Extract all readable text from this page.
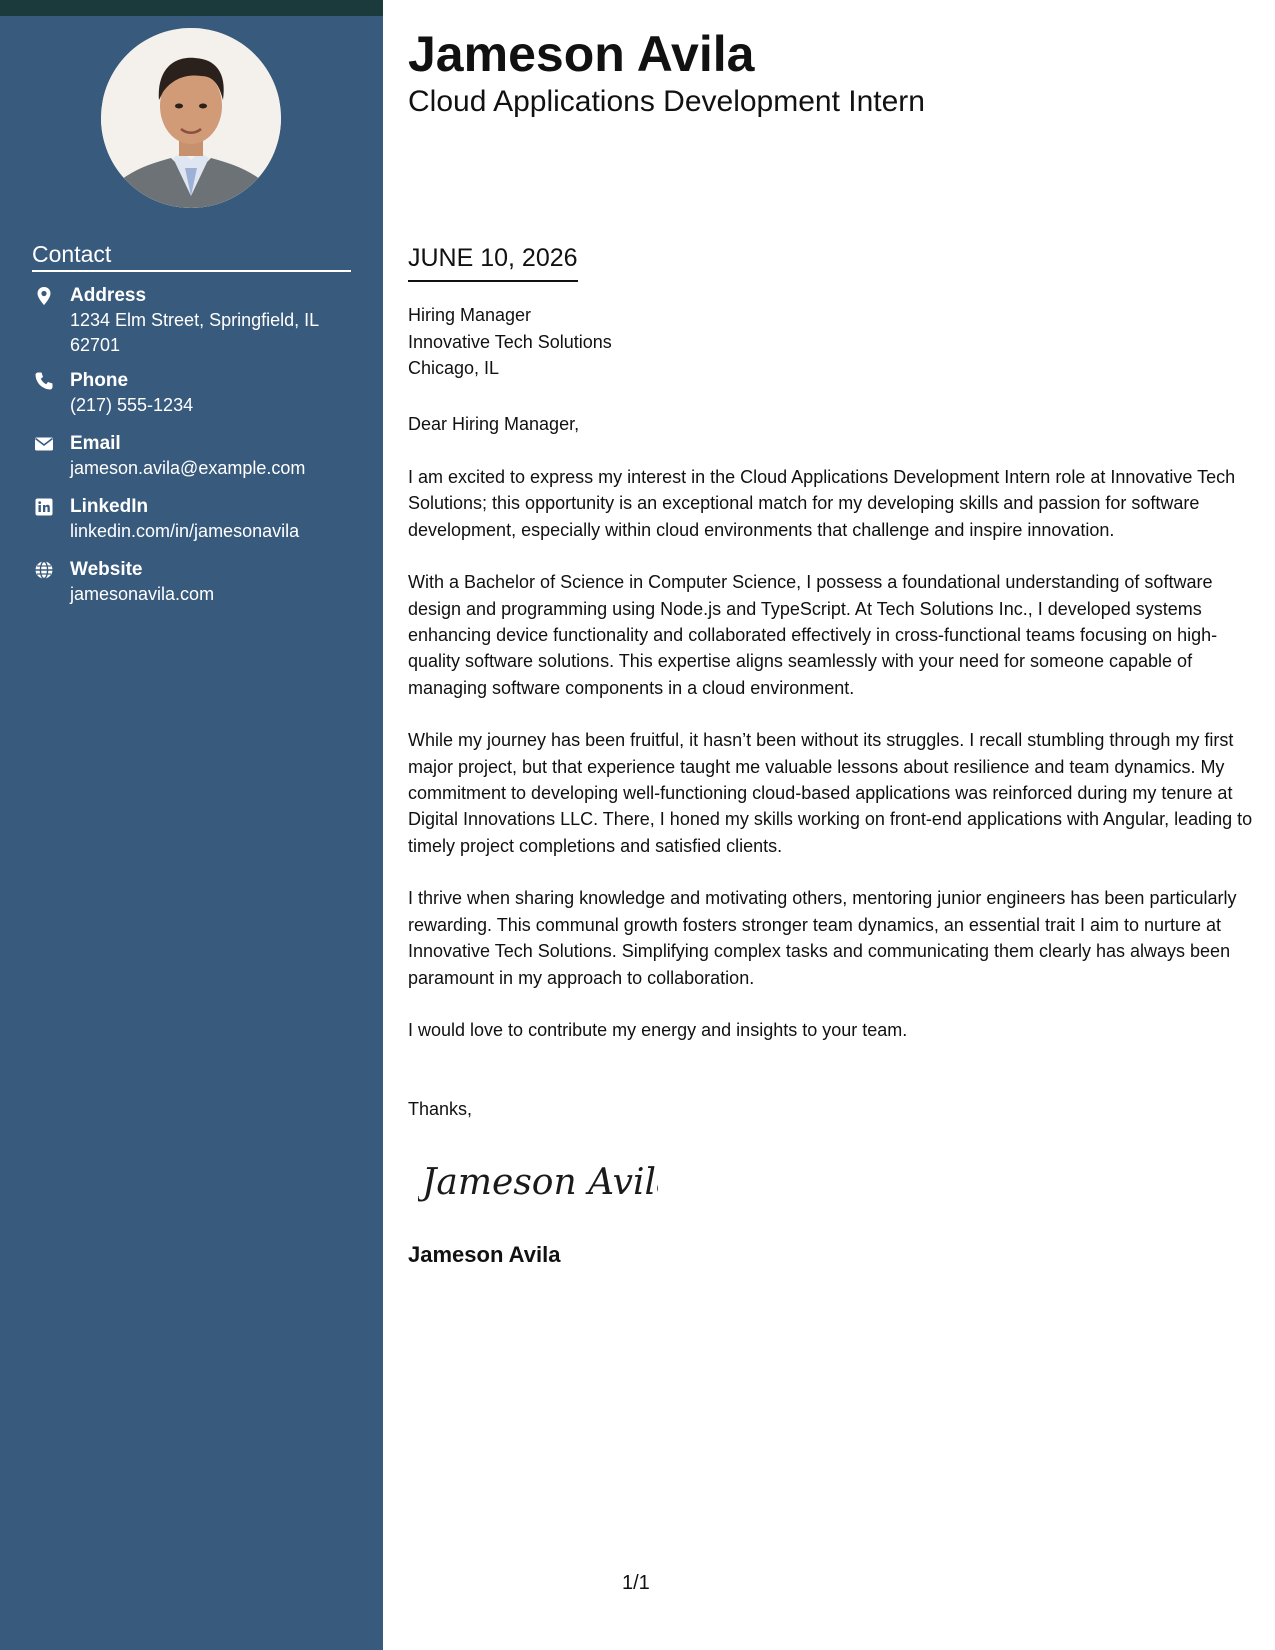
Contact
Address
1234 Elm Street, Springfield, IL 62701
Phone
(217) 555-1234
Email
jameson.avila@example.com
LinkedIn
linkedin.com/in/jamesonavila
Website
jamesonavila.com
Jameson Avila
Cloud Applications Development Intern
JUNE 10, 2026
Hiring Manager
Innovative Tech Solutions
Chicago, IL
Dear Hiring Manager,

I am excited to express my interest in the Cloud Applications Development Intern role at Innovative Tech Solutions; this opportunity is an exceptional match for my developing skills and passion for software development, especially within cloud environments that challenge and inspire innovation.

With a Bachelor of Science in Computer Science, I possess a foundational understanding of software design and programming using Node.js and TypeScript. At Tech Solutions Inc., I developed systems enhancing device functionality and collaborated effectively in cross-functional teams focusing on high-quality software solutions. This expertise aligns seamlessly with your need for someone capable of managing software components in a cloud environment.

While my journey has been fruitful, it hasn’t been without its struggles. I recall stumbling through my first major project, but that experience taught me valuable lessons about resilience and team dynamics. My commitment to developing well-functioning cloud-based applications was reinforced during my tenure at Digital Innovations LLC. There, I honed my skills working on front-end applications with Angular, leading to timely project completions and satisfied clients.

I thrive when sharing knowledge and motivating others, mentoring junior engineers has been particularly rewarding. This communal growth fosters stronger team dynamics, an essential trait I aim to nurture at Innovative Tech Solutions. Simplifying complex tasks and communicating them clearly has always been paramount in my approach to collaboration.

I would love to contribute my energy and insights to your team.

Thanks,
Jameson Avila
Jameson Avila
1/1
